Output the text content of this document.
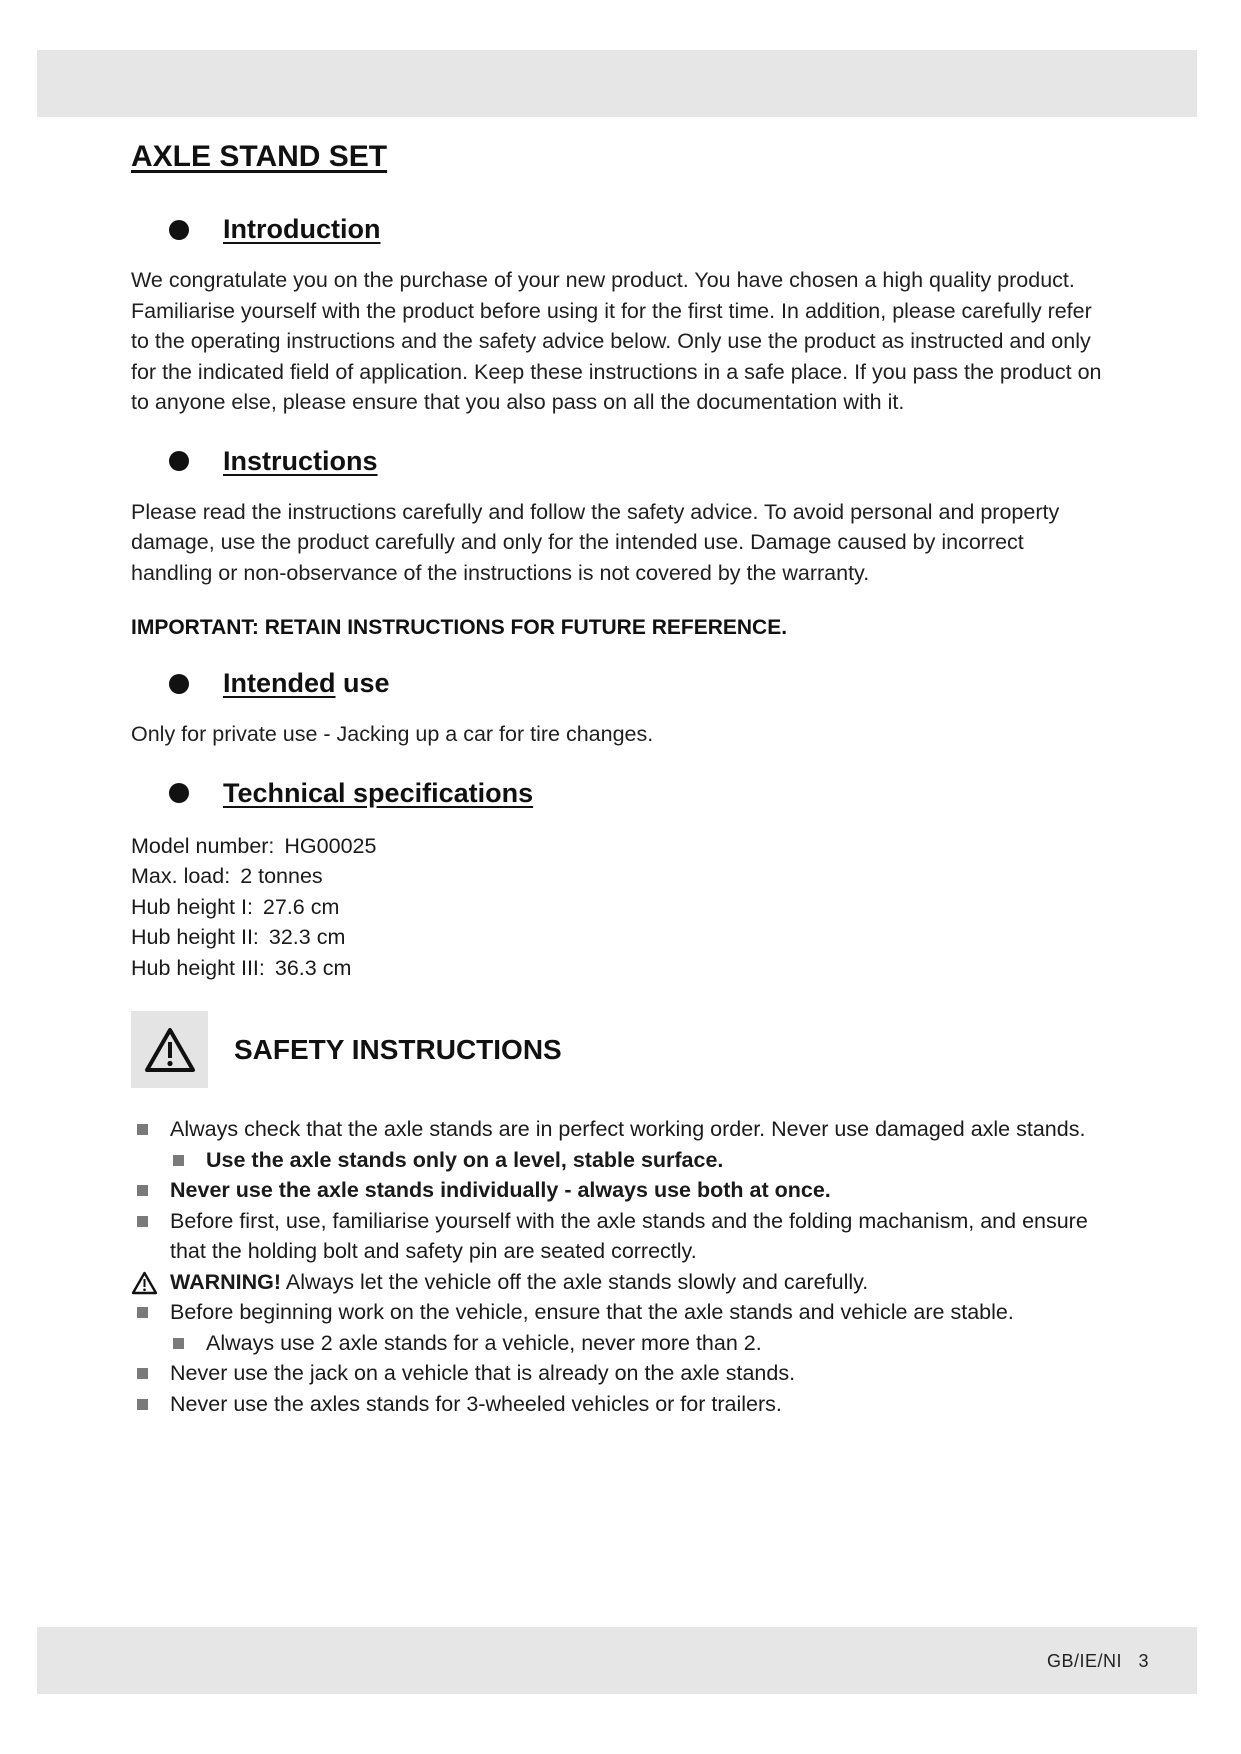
AXLE STAND SET
Introduction

We congratulate you on the purchase of your new product. You have chosen a high quality product. Familiarise yourself with the product before using it for the first time. In addition, please carefully refer to the operating instructions and the safety advice below. Only use the product as instructed and only for the indicated field of application. Keep these instructions in a safe place. If you pass the product on to anyone else, please ensure that you also pass on all the documentation with it.

Instructions

Please read the instructions carefully and follow the safety advice. To avoid personal and property damage, use the product carefully and only for the intended use. Damage caused by incorrect handling or non-observance of the instructions is not covered by the warranty.

IMPORTANT: RETAIN INSTRUCTIONS FOR FUTURE REFERENCE.

Intended use

Only for private use - Jacking up a car for tire changes.

Technical specifications
Model number: HG00025
Max. load: 2 tonnes
Hub height I: 27.6 cm
Hub height II: 32.3 cm
Hub height III: 36.3 cm
SAFETY INSTRUCTIONS
Always check that the axle stands are in perfect working order. Never use damaged axle stands.
Use the axle stands only on a level, stable surface.
Never use the axle stands individually - always use both at once.
Before first, use, familiarise yourself with the axle stands and the folding machanism, and ensure that the holding bolt and safety pin are seated correctly.
WARNING! Always let the vehicle off the axle stands slowly and carefully.
Before beginning work on the vehicle, ensure that the axle stands and vehicle are stable.
Always use 2 axle stands for a vehicle, never more than 2.
Never use the jack on a vehicle that is already on the axle stands.
Never use the axles stands for 3-wheeled vehicles or for trailers.
GB/IE/NI 3
